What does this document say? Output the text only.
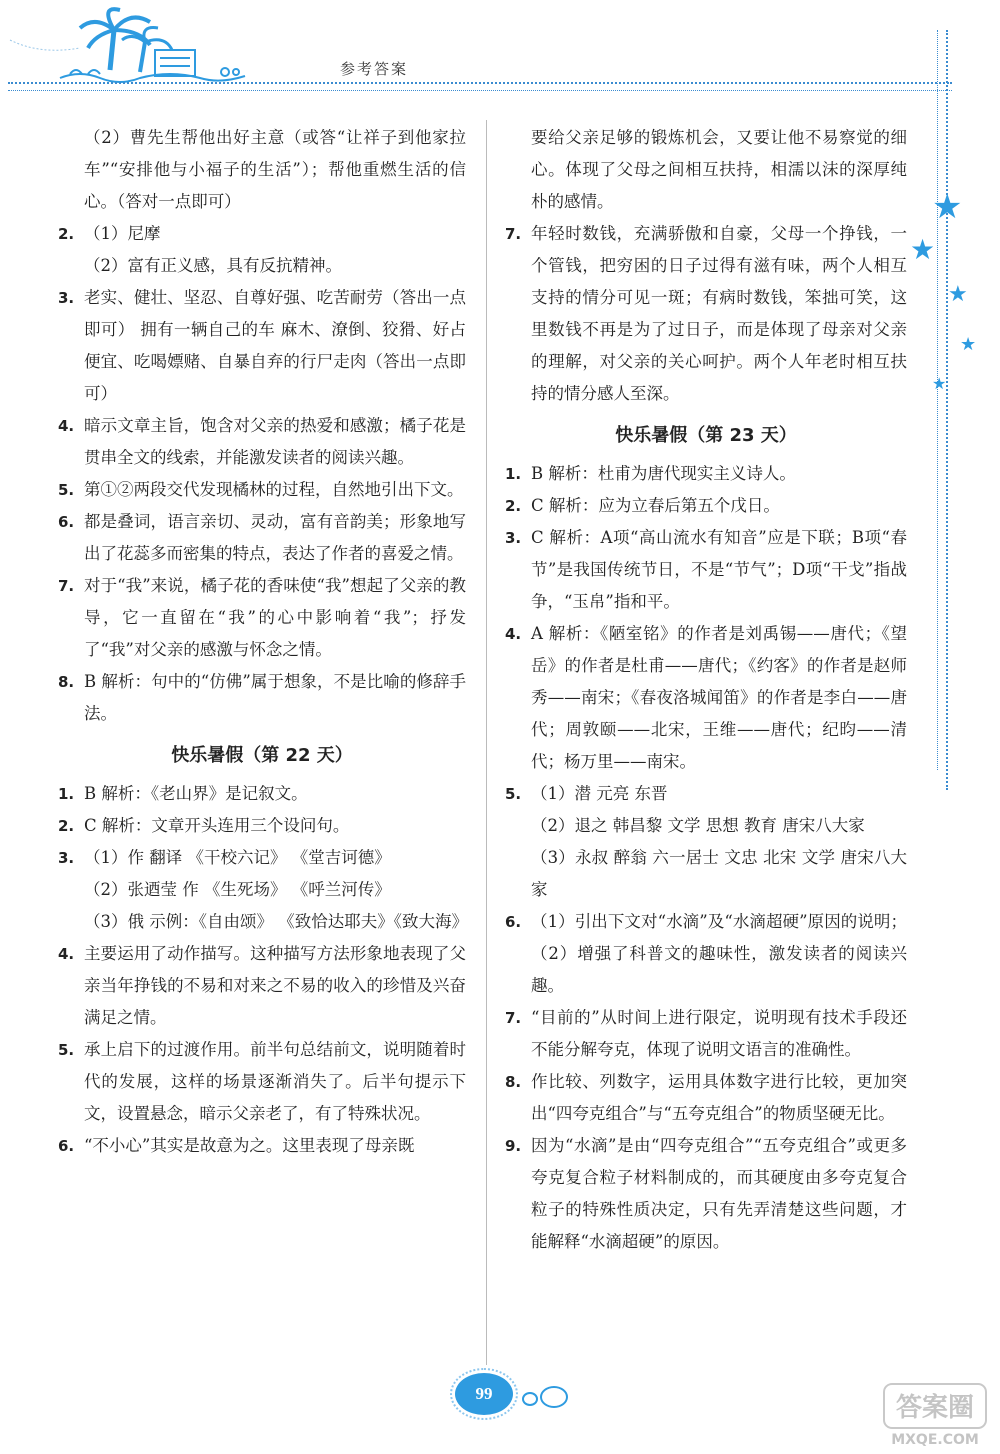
参考答案
★
★
★
★
★
（2）曹先生帮他出好主意（或答“让祥子到他家拉车”“安排他与小福子的生活”）；帮他重燃生活的信心。（答对一点即可）
2. （1）尼摩
（2）富有正义感，具有反抗精神。
3. 老实、健壮、坚忍、自尊好强、吃苦耐劳（答出一点即可） 拥有一辆自己的车 麻木、潦倒、狡猾、好占便宜、吃喝嫖赌、自暴自弃的行尸走肉（答出一点即可）
4. 暗示文章主旨，饱含对父亲的热爱和感激；橘子花是贯串全文的线索，并能激发读者的阅读兴趣。
5. 第①②两段交代发现橘林的过程，自然地引出下文。
6. 都是叠词，语言亲切、灵动，富有音韵美；形象地写出了花蕊多而密集的特点，表达了作者的喜爱之情。
7. 对于“我”来说，橘子花的香味使“我”想起了父亲的教导，它一直留在“我”的心中影响着“我”；抒发了“我”对父亲的感激与怀念之情。
8. B 解析：句中的“仿佛”属于想象，不是比喻的修辞手法。
快乐暑假（第 22 天）
1. B 解析：《老山界》是记叙文。
2. C 解析：文章开头连用三个设问句。
3. （1）作 翻译 《干校六记》 《堂吉诃德》
（2）张迺莹 作 《生死场》 《呼兰河传》
（3）俄 示例：《自由颂》 《致恰达耶夫》《致大海》
4. 主要运用了动作描写。这种描写方法形象地表现了父亲当年挣钱的不易和对来之不易的收入的珍惜及兴奋满足之情。
5. 承上启下的过渡作用。前半句总结前文，说明随着时代的发展，这样的场景逐渐消失了。后半句提示下文，设置悬念，暗示父亲老了，有了特殊状况。
6. “不小心”其实是故意为之。这里表现了母亲既
要给父亲足够的锻炼机会，又要让他不易察觉的细心。体现了父母之间相互扶持，相濡以沫的深厚纯朴的感情。
7. 年轻时数钱，充满骄傲和自豪，父母一个挣钱，一个管钱，把穷困的日子过得有滋有味，两个人相互支持的情分可见一斑；有病时数钱，笨拙可笑，这里数钱不再是为了过日子，而是体现了母亲对父亲的理解，对父亲的关心呵护。两个人年老时相互扶持的情分感人至深。
快乐暑假（第 23 天）
1. B 解析：杜甫为唐代现实主义诗人。
2. C 解析：应为立春后第五个戊日。
3. C 解析：A项“高山流水有知音”应是下联；B项“春节”是我国传统节日，不是“节气”；D项“干戈”指战争，“玉帛”指和平。
4. A 解析：《陋室铭》的作者是刘禹锡——唐代；《望岳》的作者是杜甫——唐代；《约客》的作者是赵师秀——南宋；《春夜洛城闻笛》的作者是李白——唐代；周敦颐——北宋，王维——唐代；纪昀——清代；杨万里——南宋。
5. （1）潜 元亮 东晋
（2）退之 韩昌黎 文学 思想 教育 唐宋八大家
（3）永叔 醉翁 六一居士 文忠 北宋 文学 唐宋八大家
6. （1）引出下文对“水滴”及“水滴超硬”原因的说明；（2）增强了科普文的趣味性，激发读者的阅读兴趣。
7. “目前的”从时间上进行限定，说明现有技术手段还不能分解夸克，体现了说明文语言的准确性。
8. 作比较、列数字，运用具体数字进行比较，更加突出“四夸克组合”与“五夸克组合”的物质坚硬无比。
9. 因为“水滴”是由“四夸克组合”“五夸克组合”或更多夸克复合粒子材料制成的，而其硬度由多夸克复合粒子的特殊性质决定，只有先弄清楚这些问题，才能解释“水滴超硬”的原因。
99	答案圈
MXQE.COM
